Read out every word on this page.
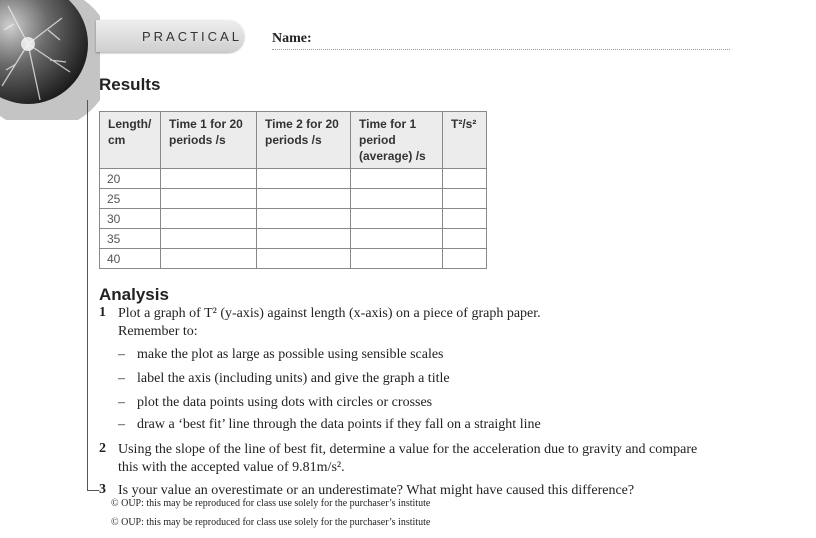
PRACTICAL Name:
Results
Length/ cm	Time 1 for 20 periods /s	Time 2 for 20 periods /s	Time for 1 period (average) /s	T²/s²
20				
25				
30				
35				
40				
Analysis
1 Plot a graph of T² (y-axis) against length (x-axis) on a piece of graph paper. Remember to:

– make the plot as large as possible using sensible scales

– label the axis (including units) and give the graph a title

– plot the data points using dots with circles or crosses

– draw a ‘best fit’ line through the data points if they fall on a straight line

2 Using the slope of the line of best fit, determine a value for the acceleration due to gravity and compare this with the accepted value of 9.81m/s².

3 Is your value an overestimate or an underestimate? What might have caused this difference?

© OUP: this may be reproduced for class use solely for the purchaser’s institute
© OUP: this may be reproduced for class use solely for the purchaser’s institute
